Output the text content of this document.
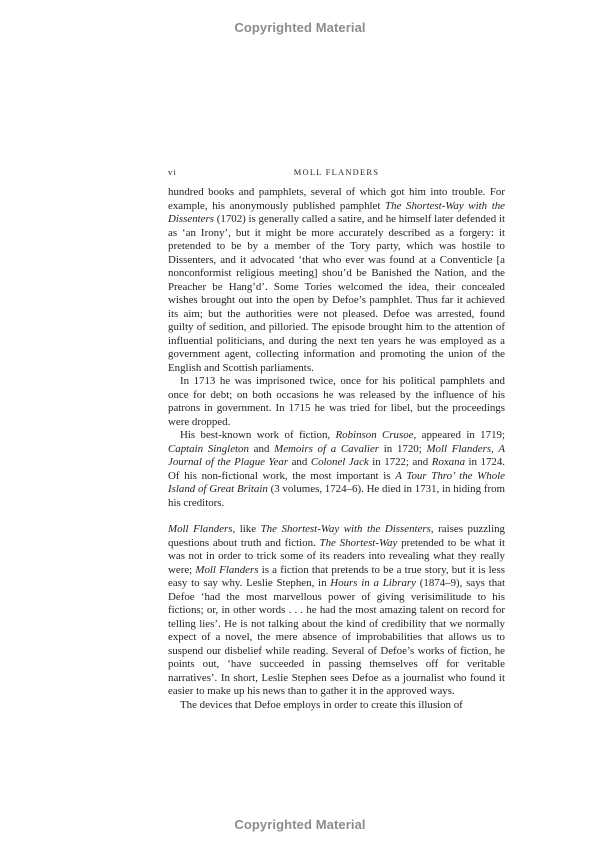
Copyrighted Material
vi	MOLL FLANDERS

hundred books and pamphlets, several of which got him into trouble. For example, his anonymously published pamphlet The Shortest-Way with the Dissenters (1702) is generally called a satire, and he himself later defended it as ‘an Irony’, but it might be more accurately described as a forgery: it pretended to be by a member of the Tory party, which was hostile to Dissenters, and it advocated ‘that who ever was found at a Conventicle [a nonconformist religious meeting] shou’d be Banished the Nation, and the Preacher be Hang’d’. Some Tories welcomed the idea, their concealed wishes brought out into the open by Defoe’s pamphlet. Thus far it achieved its aim; but the authorities were not pleased. Defoe was arrested, found guilty of sedition, and pilloried. The episode brought him to the attention of influential politicians, and during the next ten years he was employed as a government agent, collecting information and promoting the union of the English and Scottish parliaments.

In 1713 he was imprisoned twice, once for his political pamphlets and once for debt; on both occasions he was released by the influence of his patrons in government. In 1715 he was tried for libel, but the proceedings were dropped.

His best-known work of fiction, Robinson Crusoe, appeared in 1719; Captain Singleton and Memoirs of a Cavalier in 1720; Moll Flanders, A Journal of the Plague Year and Colonel Jack in 1722; and Roxana in 1724. Of his non-fictional work, the most important is A Tour Thro’ the Whole Island of Great Britain (3 volumes, 1724–6). He died in 1731, in hiding from his creditors.

Moll Flanders, like The Shortest-Way with the Dissenters, raises puzzling questions about truth and fiction. The Shortest-Way pretended to be what it was not in order to trick some of its readers into revealing what they really were; Moll Flanders is a fiction that pretends to be a true story, but it is less easy to say why. Leslie Stephen, in Hours in a Library (1874–9), says that Defoe ‘had the most marvellous power of giving verisimilitude to his fictions; or, in other words . . . he had the most amazing talent on record for telling lies’. He is not talking about the kind of credibility that we normally expect of a novel, the mere absence of improbabilities that allows us to suspend our disbelief while reading. Several of Defoe’s works of fiction, he points out, ‘have succeeded in passing themselves off for veritable narratives’. In short, Leslie Stephen sees Defoe as a journalist who found it easier to make up his news than to gather it in the approved ways.

The devices that Defoe employs in order to create this illusion of

Copyrighted Material
